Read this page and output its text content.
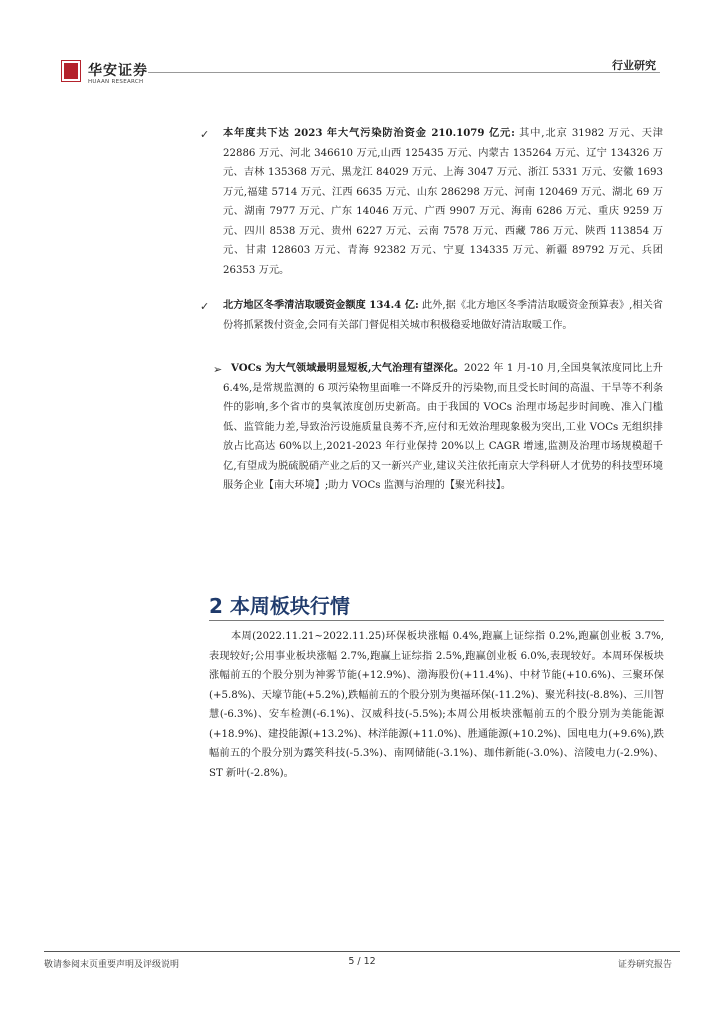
华安证券
HUAAN RESEARCH
行业研究
✓ 本年度共下达 2023 年大气污染防治资金 210.1079 亿元: 其中,北京 31982 万元、天津 22886 万元、河北 346610 万元,山西 125435 万元、内蒙古 135264 万元、辽宁 134326 万元、吉林 135368 万元、黑龙江 84029 万元、上海 3047 万元、浙江 5331 万元、安徽 1693 万元,福建 5714 万元、江西 6635 万元、山东 286298 万元、河南 120469 万元、湖北 69 万元、湖南 7977 万元、广东 14046 万元、广西 9907 万元、海南 6286 万元、重庆 9259 万元、四川 8538 万元、贵州 6227 万元、云南 7578 万元、西藏 786 万元、陕西 113854 万元、甘肃 128603 万元、青海 92382 万元、宁夏 134335 万元、新疆 89792 万元、兵团 26353 万元。
✓ 北方地区冬季清洁取暖资金额度 134.4 亿: 此外,据《北方地区冬季清洁取暖资金预算表》,相关省份将抓紧拨付资金,会同有关部门督促相关城市积极稳妥地做好清洁取暖工作。
➢ VOCs 为大气领域最明显短板,大气治理有望深化。2022 年 1 月-10 月,全国臭氧浓度同比上升 6.4%,是常规监测的 6 项污染物里面唯一不降反升的污染物,而且受长时间的高温、干旱等不利条件的影响,多个省市的臭氧浓度创历史新高。由于我国的 VOCs 治理市场起步时间晚、准入门槛低、监管能力差,导致治污设施质量良莠不齐,应付和无效治理现象极为突出,工业 VOCs 无组织排放占比高达 60%以上,2021-2023 年行业保持 20%以上 CAGR 增速,监测及治理市场规模超千亿,有望成为脱硫脱硝产业之后的又一新兴产业,建议关注依托南京大学科研人才优势的科技型环境服务企业【南大环境】;助力 VOCs 监测与治理的【聚光科技】。
2 本周板块行情
本周(2022.11.21~2022.11.25)环保板块涨幅 0.4%,跑赢上证综指 0.2%,跑赢创业板 3.7%,表现较好;公用事业板块涨幅 2.7%,跑赢上证综指 2.5%,跑赢创业板 6.0%,表现较好。本周环保板块涨幅前五的个股分别为神雾节能(+12.9%)、渤海股份(+11.4%)、中材节能(+10.6%)、三聚环保(+5.8%)、天壕节能(+5.2%),跌幅前五的个股分别为奥福环保(-11.2%)、聚光科技(-8.8%)、三川智慧(-6.3%)、安车检测(-6.1%)、汉威科技(-5.5%);本周公用板块涨幅前五的个股分别为美能能源(+18.9%)、建投能源(+13.2%)、林洋能源(+11.0%)、胜通能源(+10.2%)、国电电力(+9.6%),跌幅前五的个股分别为露笑科技(-5.3%)、南网储能(-3.1%)、珈伟新能(-3.0%)、涪陵电力(-2.9%)、ST 新叶(-2.8%)。
敬请参阅末页重要声明及评级说明	5 / 12	证券研究报告
